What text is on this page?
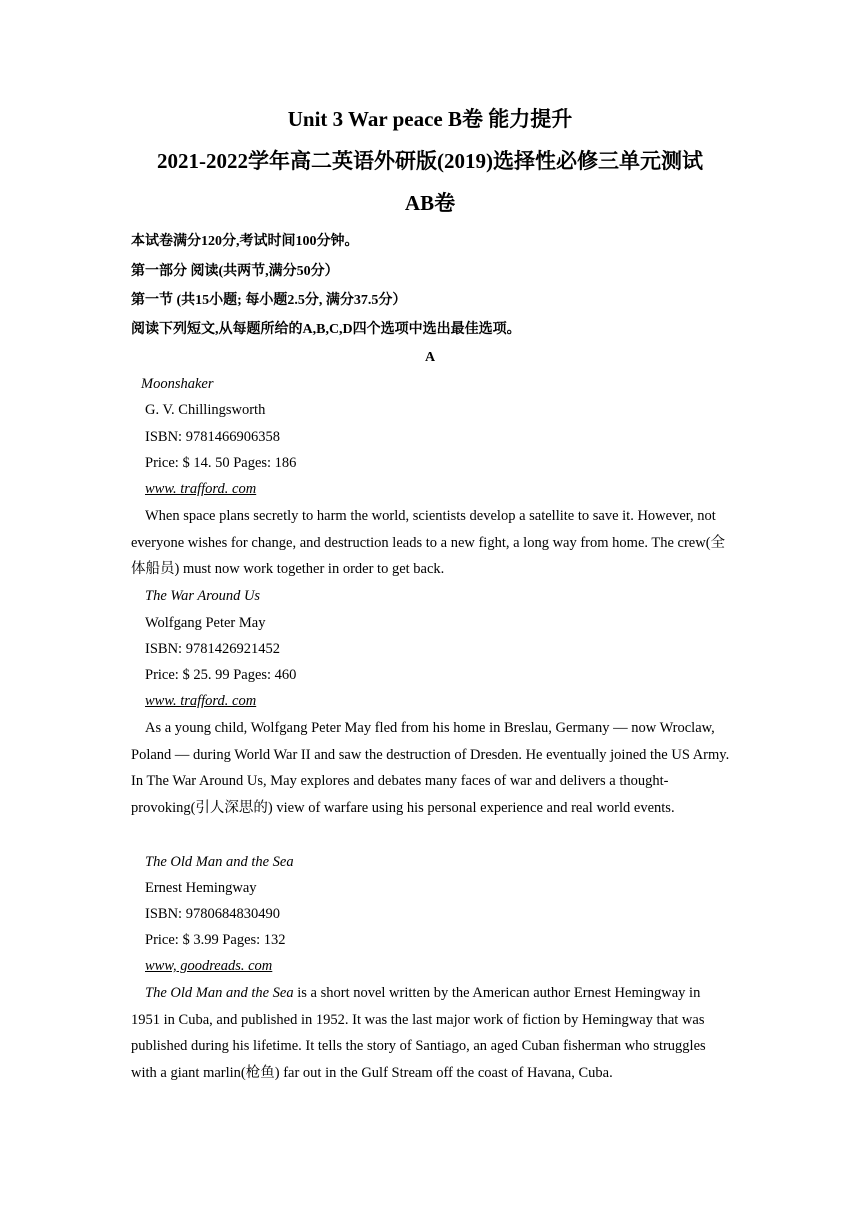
Unit 3 War peace B卷 能力提升
2021-2022学年高二英语外研版(2019)选择性必修三单元测试
AB卷
本试卷满分120分,考试时间100分钟。
第一部分 阅读(共两节,满分50分）
第一节 (共15小题; 每小题2.5分, 满分37.5分）
阅读下列短文,从每题所给的A,B,C,D四个选项中选出最佳选项。
A
Moonshaker
G. V. Chillingsworth
ISBN: 9781466906358
Price: $ 14. 50 Pages: 186
www. trafford. com
When space plans secretly to harm the world, scientists develop a satellite to save it. However, not everyone wishes for change, and destruction leads to a new fight, a long way from home. The crew(全体船员) must now work together in order to get back.
The War Around Us
Wolfgang Peter May
ISBN: 9781426921452
Price: $ 25. 99 Pages: 460
www. trafford. com
As a young child, Wolfgang Peter May fled from his home in Breslau, Germany — now Wroclaw, Poland — during World War II and saw the destruction of Dresden. He eventually joined the US Army. In The War Around Us, May explores and debates many faces of war and delivers a thought-provoking(引人深思的) view of warfare using his personal experience and real world events.
The Old Man and the Sea
Ernest Hemingway
ISBN: 9780684830490
Price: $ 3.99 Pages: 132
www, goodreads. com
The Old Man and the Sea is a short novel written by the American author Ernest Hemingway in 1951 in Cuba, and published in 1952. It was the last major work of fiction by Hemingway that was published during his lifetime. It tells the story of Santiago, an aged Cuban fisherman who struggles with a giant marlin(枪鱼) far out in the Gulf Stream off the coast of Havana, Cuba.
